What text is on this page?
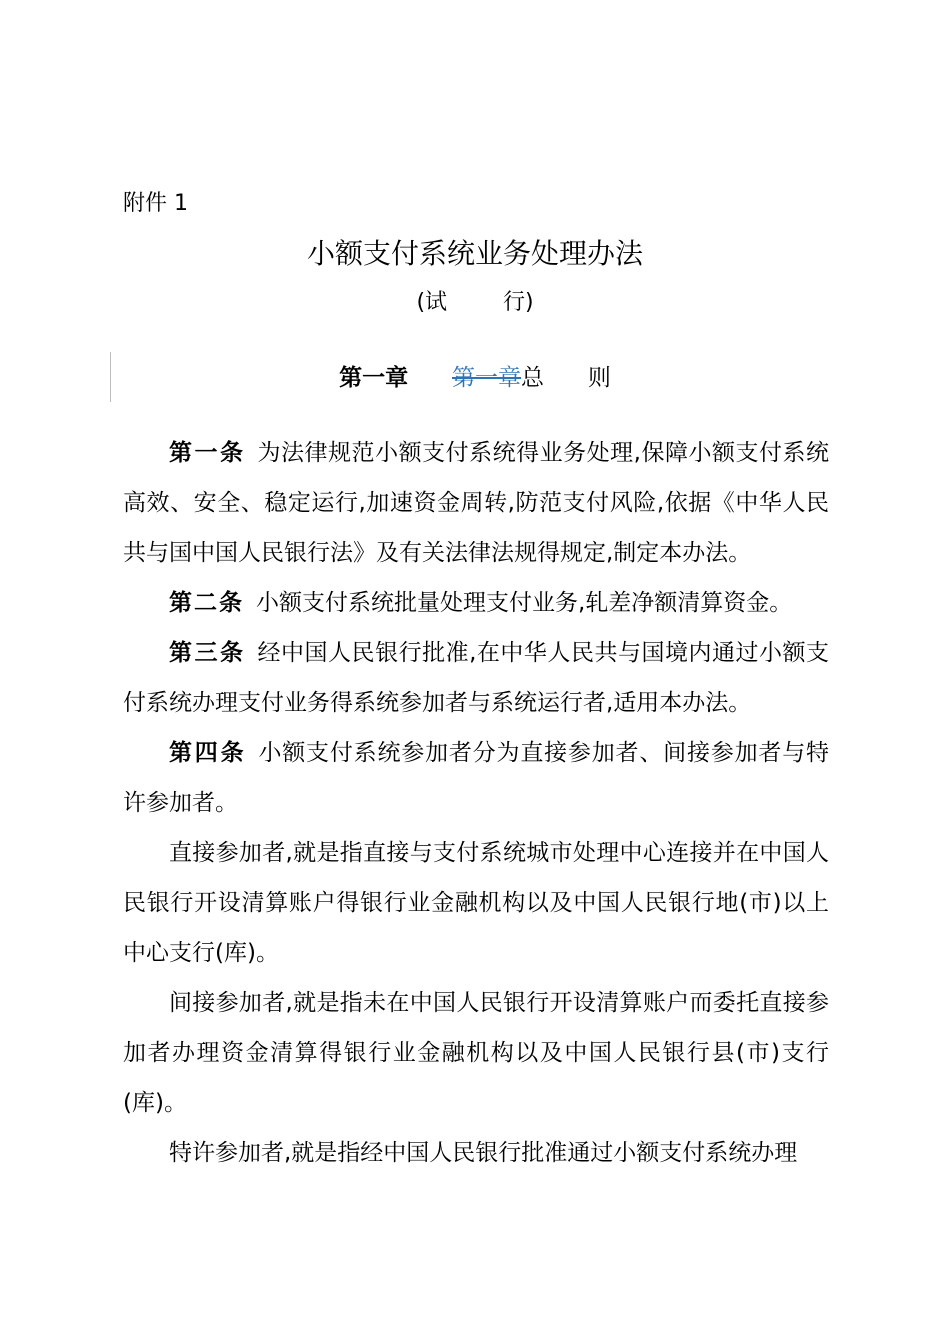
附件 1
小额支付系统业务处理办法
(试        行)
第一章 第一章总      则

第一条 为法律规范小额支付系统得业务处理,保障小额支付系统高效、安全、稳定运行,加速资金周转,防范支付风险,依据《中华人民共与国中国人民银行法》及有关法律法规得规定,制定本办法。

第二条 小额支付系统批量处理支付业务,轧差净额清算资金。

第三条 经中国人民银行批准,在中华人民共与国境内通过小额支付系统办理支付业务得系统参加者与系统运行者,适用本办法。

第四条 小额支付系统参加者分为直接参加者、间接参加者与特许参加者。

直接参加者,就是指直接与支付系统城市处理中心连接并在中国人民银行开设清算账户得银行业金融机构以及中国人民银行地(市)以上中心支行(库)。

间接参加者,就是指未在中国人民银行开设清算账户而委托直接参加者办理资金清算得银行业金融机构以及中国人民银行县(市)支行(库)。

特许参加者,就是指经中国人民银行批准通过小额支付系统办理
